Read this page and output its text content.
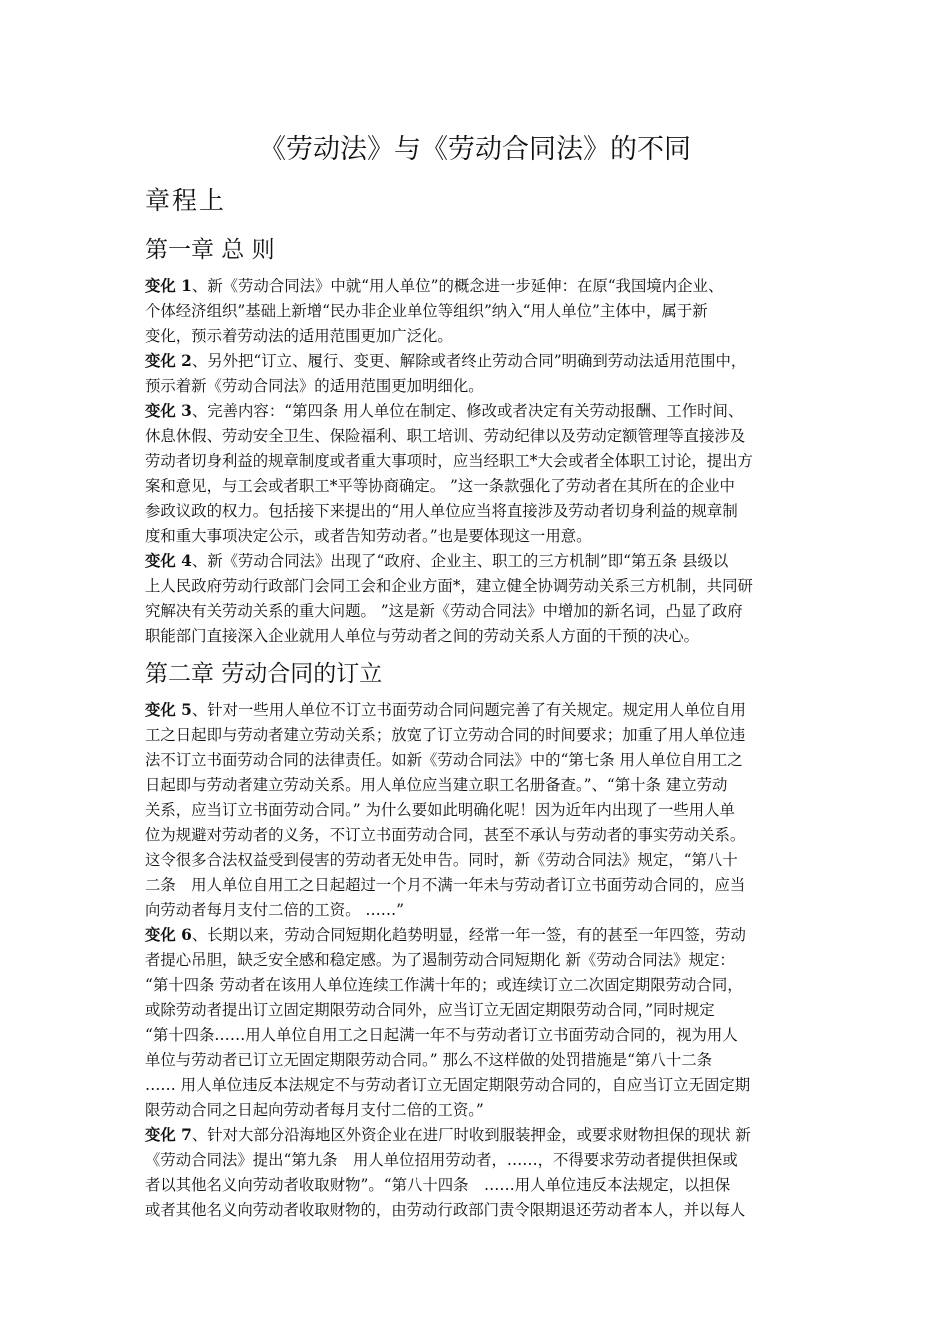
《劳动法》与《劳动合同法》的不同
章程上
第一章 总 则
变化 1、新《劳动合同法》中就“用人单位”的概念进一步延伸：在原“我国境内企业、
个体经济组织”基础上新增“民办非企业单位等组织”纳入“用人单位”主体中，属于新
变化，预示着劳动法的适用范围更加广泛化。
变化 2、另外把“订立、履行、变更、解除或者终止劳动合同”明确到劳动法适用范围中，
预示着新《劳动合同法》的适用范围更加明细化。
变化 3、完善内容：“第四条 用人单位在制定、修改或者决定有关劳动报酬、工作时间、
休息休假、劳动安全卫生、保险福利、职工培训、劳动纪律以及劳动定额管理等直接涉及
劳动者切身利益的规章制度或者重大事项时，应当经职工*大会或者全体职工讨论，提出方
案和意见，与工会或者职工*平等协商确定。 ”这一条款强化了劳动者在其所在的企业中
参政议政的权力。包括接下来提出的“用人单位应当将直接涉及劳动者切身利益的规章制
度和重大事项决定公示，或者告知劳动者。”也是要体现这一用意。
变化 4、新《劳动合同法》出现了“政府、企业主、职工的三方机制”即“第五条 县级以
上人民政府劳动行政部门会同工会和企业方面*，建立健全协调劳动关系三方机制，共同研
究解决有关劳动关系的重大问题。 ”这是新《劳动合同法》中增加的新名词，凸显了政府
职能部门直接深入企业就用人单位与劳动者之间的劳动关系人方面的干预的决心。
第二章 劳动合同的订立
变化 5、针对一些用人单位不订立书面劳动合同问题完善了有关规定。规定用人单位自用
工之日起即与劳动者建立劳动关系；放宽了订立劳动合同的时间要求；加重了用人单位违
法不订立书面劳动合同的法律责任。如新《劳动合同法》中的“第七条 用人单位自用工之
日起即与劳动者建立劳动关系。用人单位应当建立职工名册备查。”、“第十条 建立劳动
关系，应当订立书面劳动合同。” 为什么要如此明确化呢！因为近年内出现了一些用人单
位为规避对劳动者的义务，不订立书面劳动合同，甚至不承认与劳动者的事实劳动关系。
这令很多合法权益受到侵害的劳动者无处申告。同时，新《劳动合同法》规定，“第八十
二条　用人单位自用工之日起超过一个月不满一年未与劳动者订立书面劳动合同的，应当
向劳动者每月支付二倍的工资。 ……”
变化 6、长期以来，劳动合同短期化趋势明显，经常一年一签，有的甚至一年四签，劳动
者提心吊胆，缺乏安全感和稳定感。为了遏制劳动合同短期化 新《劳动合同法》规定：
“第十四条 劳动者在该用人单位连续工作满十年的；或连续订立二次固定期限劳动合同，
或除劳动者提出订立固定期限劳动合同外，应当订立无固定期限劳动合同，”同时规定
“第十四条……用人单位自用工之日起满一年不与劳动者订立书面劳动合同的，视为用人
单位与劳动者已订立无固定期限劳动合同。” 那么不这样做的处罚措施是“第八十二条
…… 用人单位违反本法规定不与劳动者订立无固定期限劳动合同的，自应当订立无固定期
限劳动合同之日起向劳动者每月支付二倍的工资。”
变化 7、针对大部分沿海地区外资企业在进厂时收到服装押金，或要求财物担保的现状 新
《劳动合同法》提出“第九条　用人单位招用劳动者，……，不得要求劳动者提供担保或
者以其他名义向劳动者收取财物”。“第八十四条　……用人单位违反本法规定，以担保
或者其他名义向劳动者收取财物的，由劳动行政部门责令限期退还劳动者本人，并以每人
